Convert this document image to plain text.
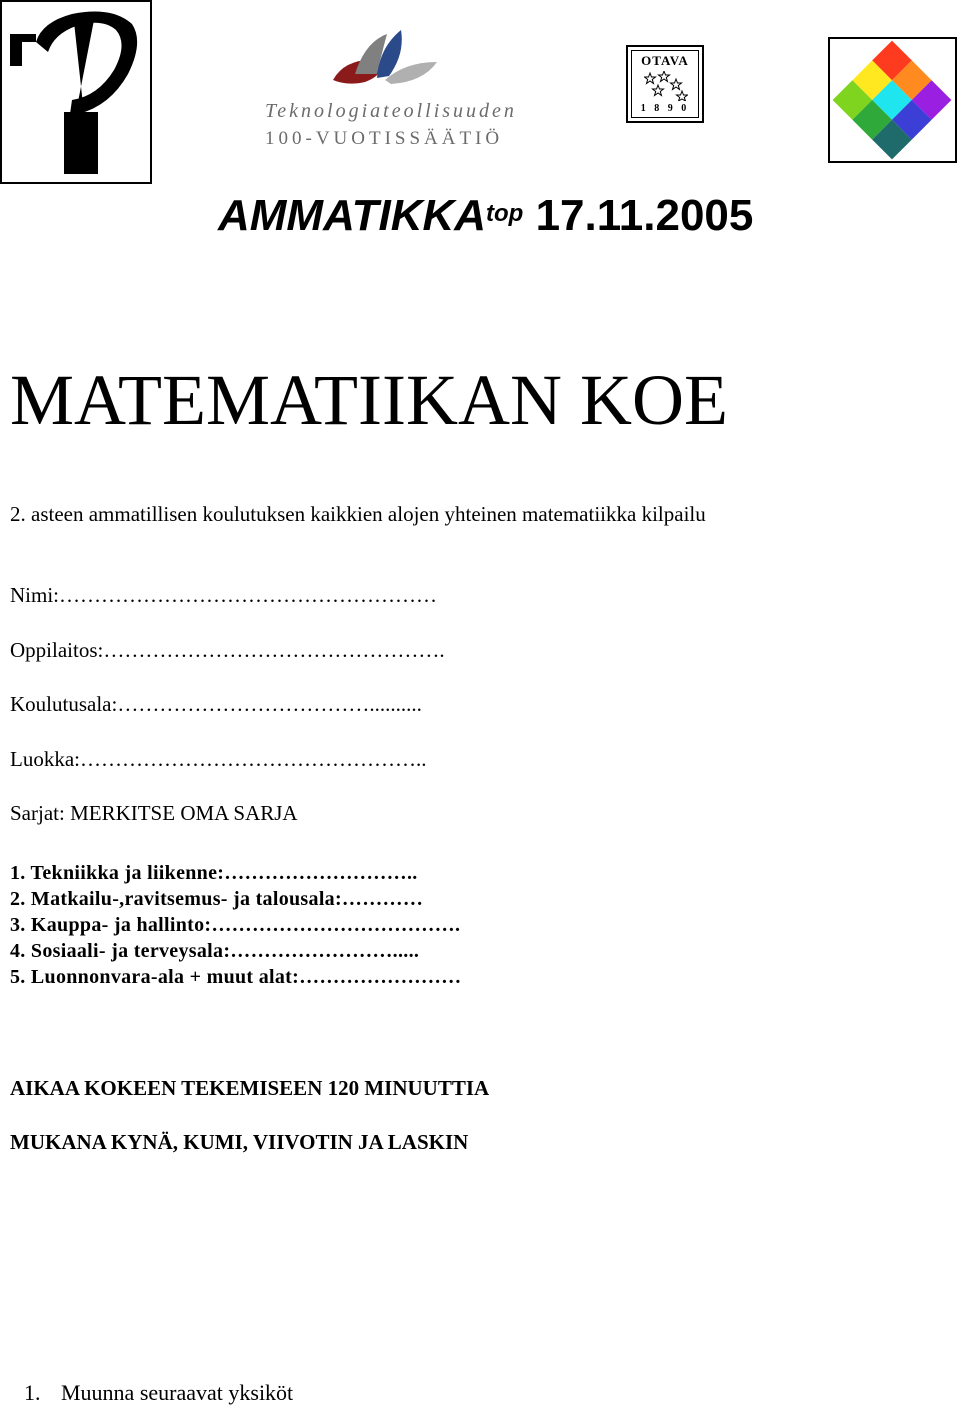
Teknologiateollisuuden
100-VUOTISSÄÄTIÖ
OTAVA
1 8 9 0
$AMMATIKKA^{top}$ 17.11.2005
MATEMATIIKAN KOE
2. asteen ammatillisen koulutuksen kaikkien alojen yhteinen matematiikka kilpailu
Nimi:………………………………………………
Oppilaitos:………………………………………….
Koulutusala:………………………………..........
Luokka:…………………………………………..
Sarjat: MERKITSE OMA SARJA
1. Tekniikka ja liikenne:………………………..
2. Matkailu-,ravitsemus- ja talousala:…………
3. Kauppa- ja hallinto:……………………………….
4. Sosiaali- ja terveysala:…………………….....
5. Luonnonvara-ala + muut alat:……………………
AIKAA KOKEEN TEKEMISEEN 120 MINUUTTIA
MUKANA KYNÄ, KUMI, VIIVOTIN JA LASKIN
1. Muunna seuraavat yksiköt
